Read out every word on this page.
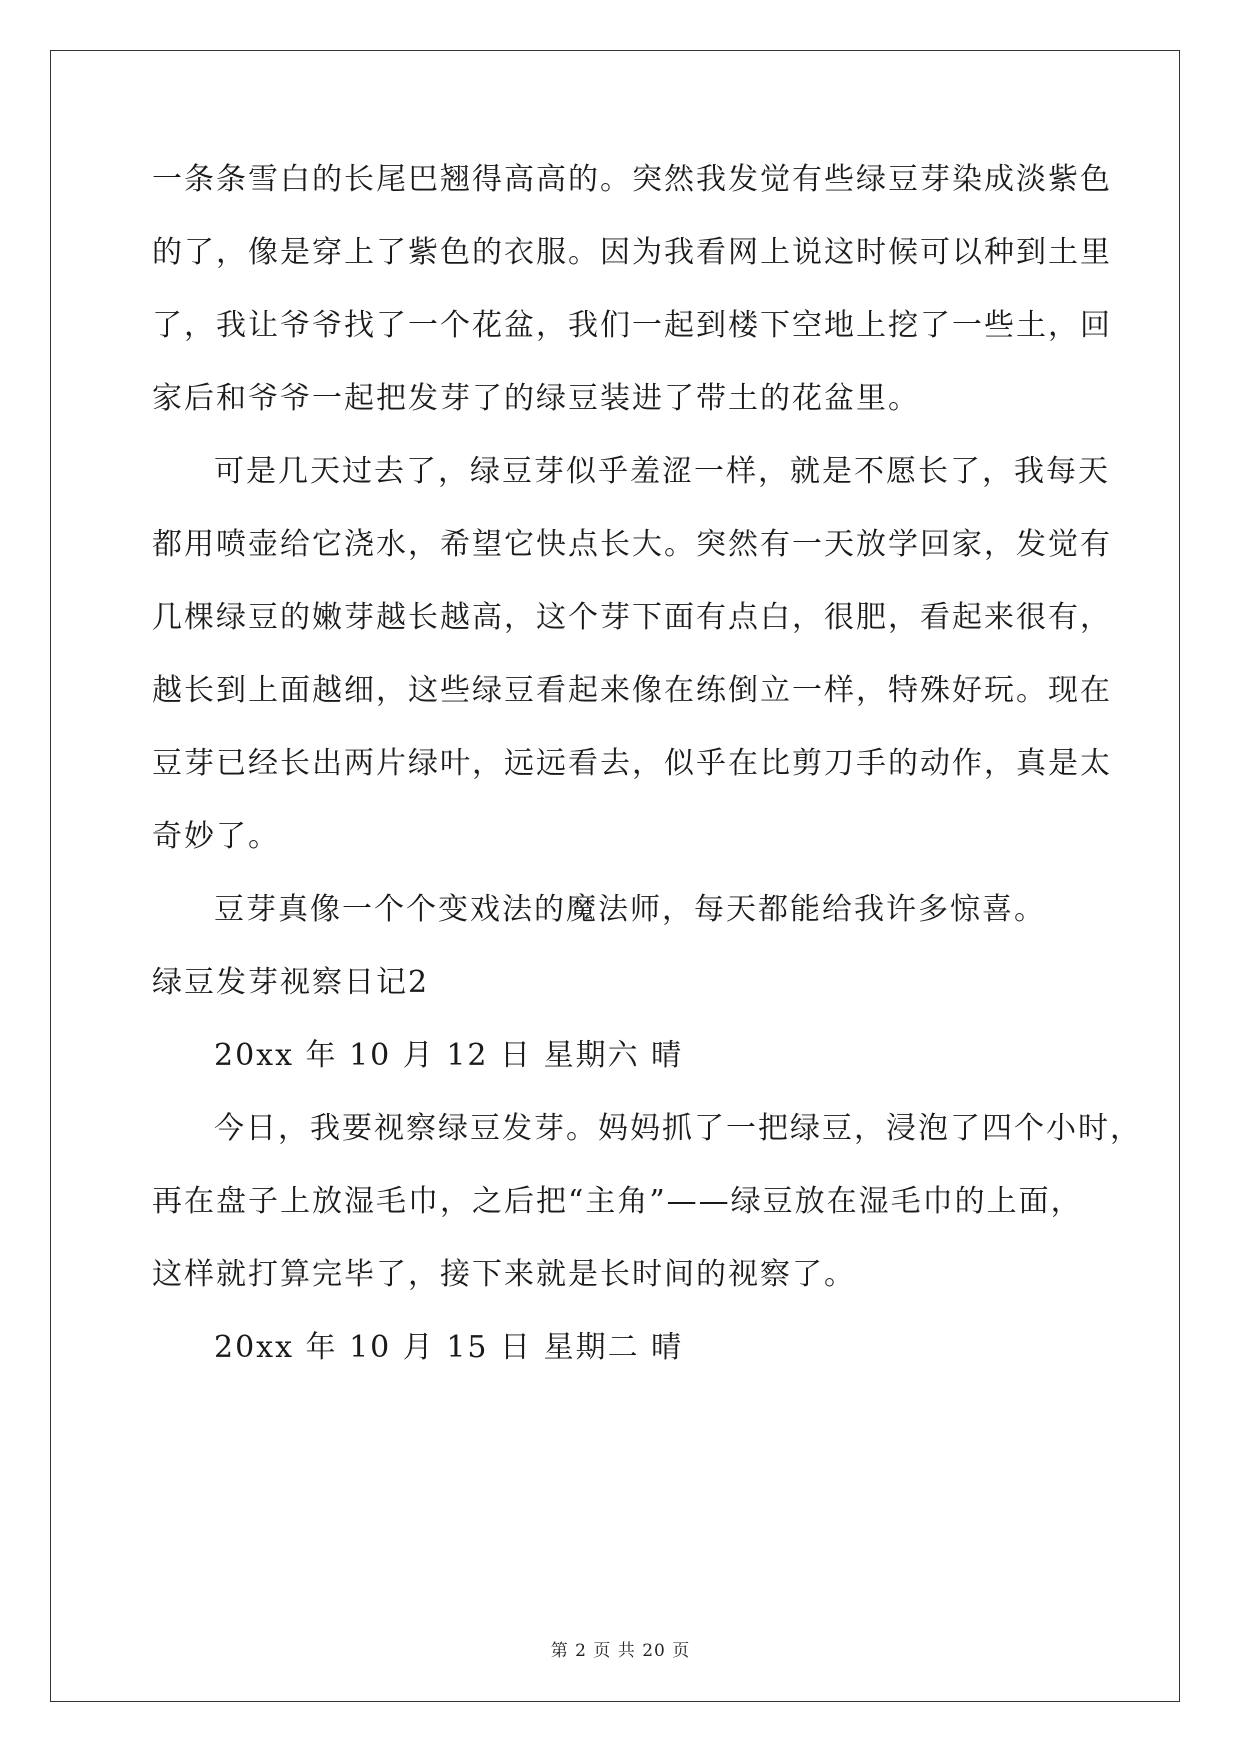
一条条雪白的长尾巴翘得高高的。突然我发觉有些绿豆芽染成淡紫色
的了，像是穿上了紫色的衣服。因为我看网上说这时候可以种到土里
了，我让爷爷找了一个花盆，我们一起到楼下空地上挖了一些土，回
家后和爷爷一起把发芽了的绿豆装进了带土的花盆里。
可是几天过去了，绿豆芽似乎羞涩一样，就是不愿长了，我每天
都用喷壶给它浇水，希望它快点长大。突然有一天放学回家，发觉有
几棵绿豆的嫩芽越长越高，这个芽下面有点白，很肥，看起来很有，
越长到上面越细，这些绿豆看起来像在练倒立一样，特殊好玩。现在
豆芽已经长出两片绿叶，远远看去，似乎在比剪刀手的动作，真是太
奇妙了。
豆芽真像一个个变戏法的魔法师，每天都能给我许多惊喜。
绿豆发芽视察日记2
20xx 年 10 月 12 日 星期六 晴
今日，我要视察绿豆发芽。妈妈抓了一把绿豆，浸泡了四个小时，
再在盘子上放湿毛巾，之后把“主角”——绿豆放在湿毛巾的上面，
这样就打算完毕了，接下来就是长时间的视察了。
20xx 年 10 月 15 日 星期二 晴
第 2 页 共 20 页
